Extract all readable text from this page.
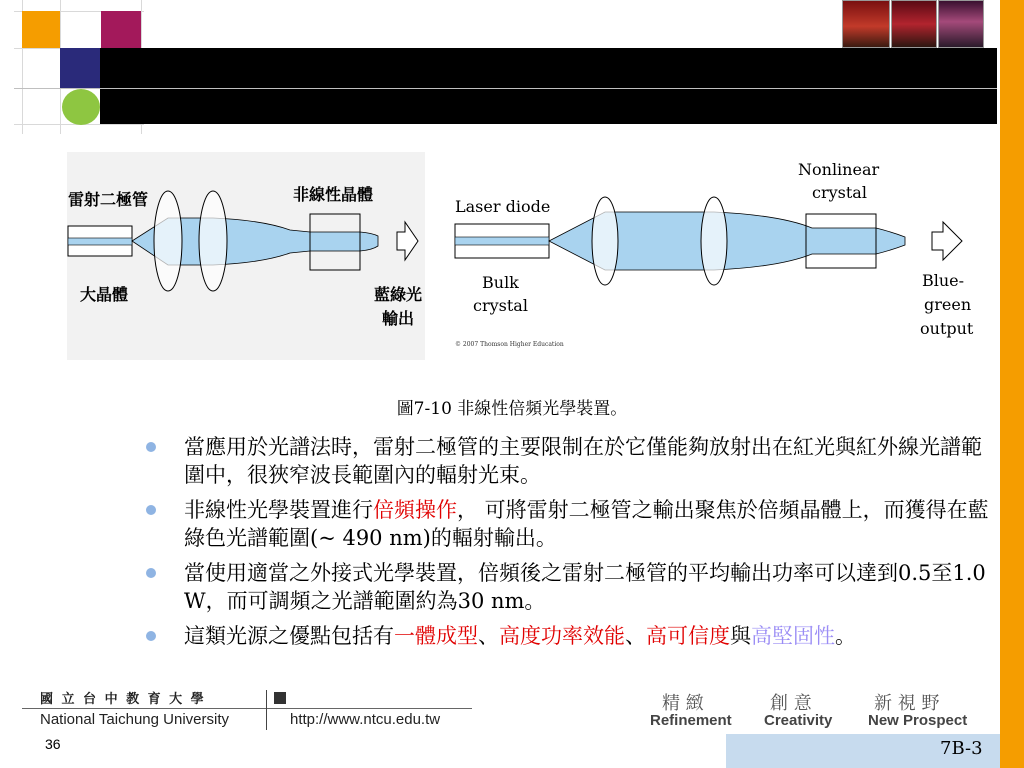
雷射二極管
大晶體
非線性晶體
藍綠光
輸出
Laser diode
Bulk
crystal
Nonlinear
crystal
Blue-
green
output
© 2007 Thomson Higher Education
圖7-10 非線性倍頻光學裝置。
當應用於光譜法時，雷射二極管的主要限制在於它僅能夠放射出在紅光與紅外線光譜範圍中，很狹窄波長範圍內的輻射光束。
非線性光學裝置進行倍頻操作， 可將雷射二極管之輸出聚焦於倍頻晶體上，而獲得在藍綠色光譜範圍(~ 490 nm)的輻射輸出。
當使用適當之外接式光學裝置，倍頻後之雷射二極管的平均輸出功率可以達到0.5至1.0 W，而可調頻之光譜範圍約為30 nm。
這類光源之優點包括有一體成型、高度功率效能、高可信度與高堅固性。
國 立 台 中 教 育 大 學
National Taichung University	http://www.ntcu.edu.tw
精 緻	創 意	新 視 野
Refinement Creativity New Prospect
36	7B-3
